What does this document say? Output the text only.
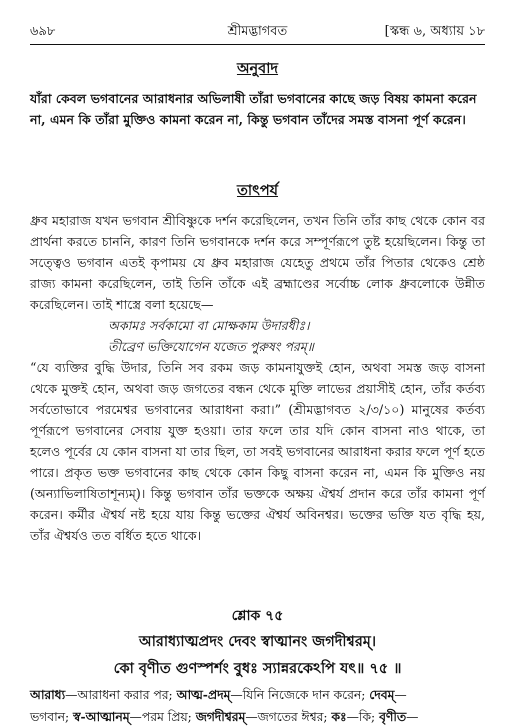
৬৯৮	শ্রীমদ্ভাগবত	[স্কন্ধ ৬, অধ্যায় ১৮
অনুবাদ
যাঁরা কেবল ভগবানের আরাধনার অভিলাষী তাঁরা ভগবানের কাছে জড় বিষয় কামনা করেন না, এমন কি তাঁরা মুক্তিও কামনা করেন না, কিন্তু ভগবান তাঁদের সমস্ত বাসনা পূর্ণ করেন।
তাৎপর্য

ধ্রুব মহারাজ যখন ভগবান শ্রীবিষ্ণুকে দর্শন করেছিলেন, তখন তিনি তাঁর কাছ থেকে কোন বর প্রার্থনা করতে চাননি, কারণ তিনি ভগবানকে দর্শন করে সম্পূর্ণরূপে তুষ্ট হয়েছিলেন। কিন্তু তা সত্ত্বেও ভগবান এতই কৃপাময় যে ধ্রুব মহারাজ যেহেতু প্রথমে তাঁর পিতার থেকেও শ্রেষ্ঠ রাজ্য কামনা করেছিলেন, তাই তিনি তাঁকে এই ব্রহ্মাণ্ডের সর্বোচ্চ লোক ধ্রুবলোকে উন্নীত করেছিলেন। তাই শাস্ত্রে বলা হয়েছে—

অকামঃ সর্বকামো বা মোক্ষকাম উদারধীঃ।
তীব্রেণ ভক্তিযোগেন যজেত পুরুষং পরম্‌॥

“যে ব্যক্তির বুদ্ধি উদার, তিনি সব রকম জড় কামনাযুক্তই হোন, অথবা সমস্ত জড় বাসনা থেকে মুক্তই হোন, অথবা জড় জগতের বন্ধন থেকে মুক্তি লাভের প্রয়াসীই হোন, তাঁর কর্তব্য সর্বতোভাবে পরমেশ্বর ভগবানের আরাধনা করা।” (শ্রীমদ্ভাগবত ২/৩/১০) মানুষের কর্তব্য পূর্ণরূপে ভগবানের সেবায় যুক্ত হওয়া। তার ফলে তার যদি কোন বাসনা নাও থাকে, তা হলেও পূর্বের যে কোন বাসনা যা তার ছিল, তা সবই ভগবানের আরাধনা করার ফলে পূর্ণ হতে পারে। প্রকৃত ভক্ত ভগবানের কাছ থেকে কোন কিছু বাসনা করেন না, এমন কি মুক্তিও নয় (অন্যাভিলাষিতাশূন্যম্‌)। কিন্তু ভগবান তাঁর ভক্তকে অক্ষয় ঐশ্বর্য প্রদান করে তাঁর কামনা পূর্ণ করেন। কর্মীর ঐশ্বর্য নষ্ট হয়ে যায় কিন্তু ভক্তের ঐশ্বর্য অবিনশ্বর। ভক্তের ভক্তি যত বৃদ্ধি হয়, তাঁর ঐশ্বর্যও তত বর্ধিত হতে থাকে।

শ্লোক ৭৫
আরাধ্যাত্মপ্রদং দেবং স্বাত্মানং জগদীশ্বরম্‌।
কো বৃণীত গুণস্পর্শং বুধঃ স্যান্নরকেঽপি যৎ॥ ৭৫ ॥
আরাধ্য—আরাধনা করার পর; আত্ম-প্রদম্‌—যিনি নিজেকে দান করেন; দেবম্‌—
ভগবান; স্ব-আত্মানম্‌—পরম প্রিয়; জগদীশ্বরম্‌—জগতের ঈশ্বর; কঃ—কি; বৃণীত—
